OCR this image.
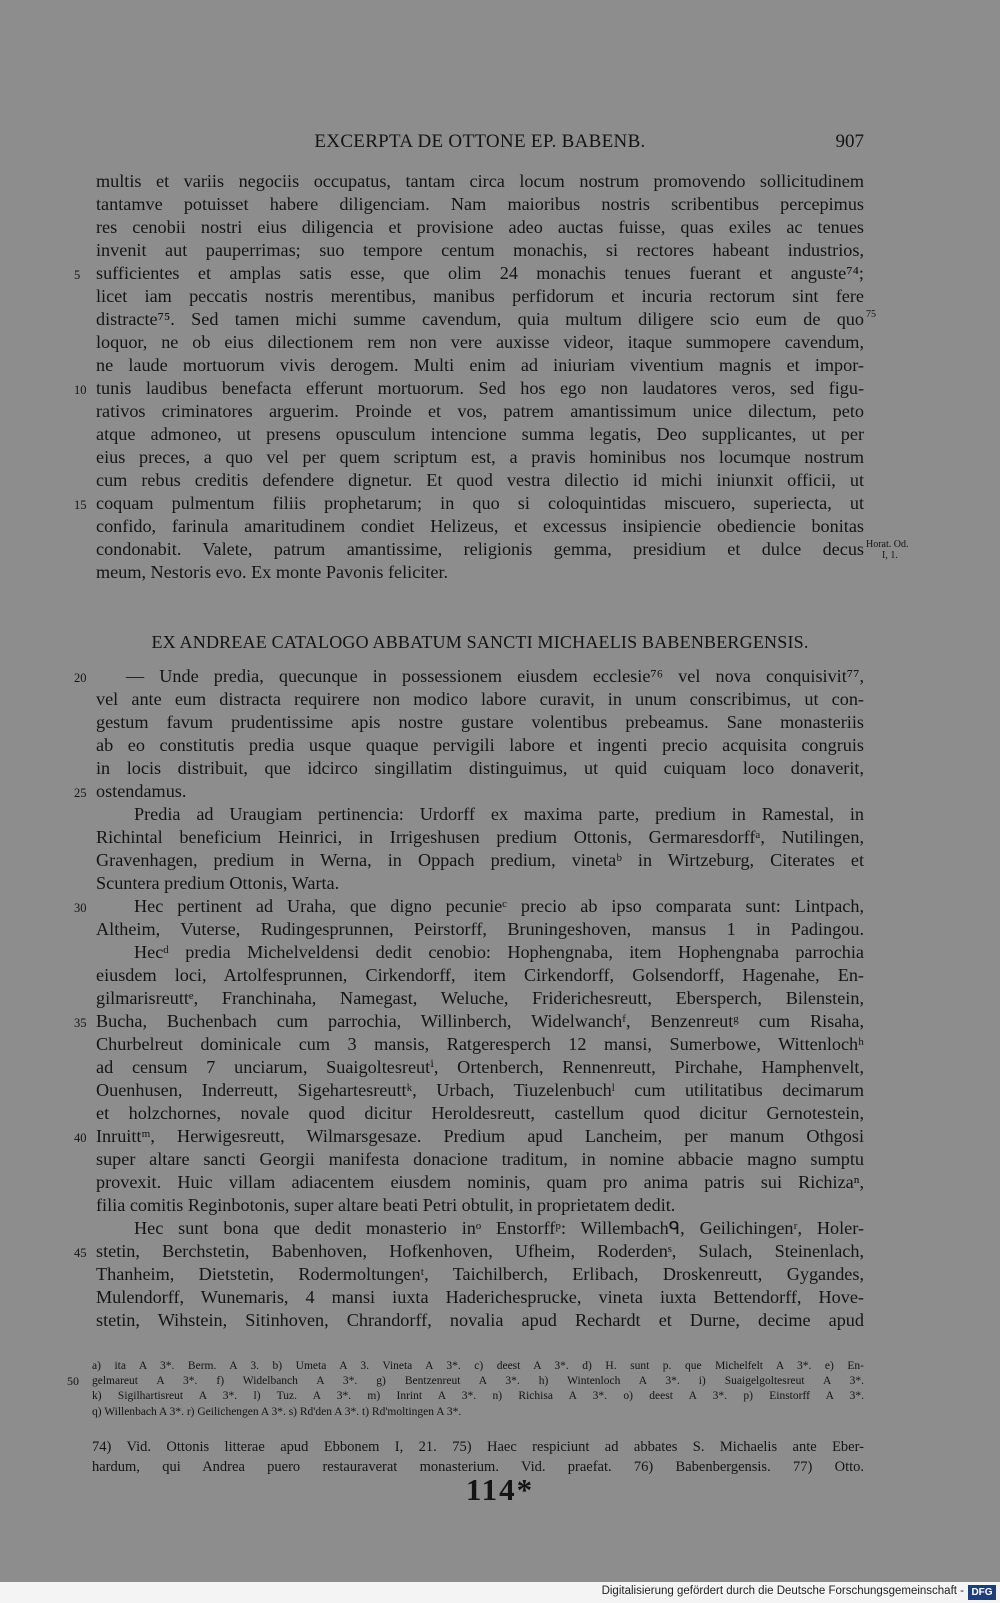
EXCERPTA DE OTTONE EP. BABENB.	907
multis et variis negociis occupatus, tantam circa locum nostrum promovendo sollicitudinem
tantamve potuisset habere diligenciam. Nam maioribus nostris scribentibus percepimus
res cenobii nostri eius diligencia et provisione adeo auctas fuisse, quas exiles ac tenues
invenit aut pauperrimas; suo tempore centum monachis, si rectores habeant industrios,
5 sufficientes et amplas satis esse, que olim 24 monachis tenues fuerant et anguste⁷⁴;
licet iam peccatis nostris merentibus, manibus perfidorum et incuria rectorum sint fere
distracte⁷⁵. Sed tamen michi summe cavendum, quia multum diligere scio eum de quo 75
loquor, ne ob eius dilectionem rem non vere auxisse videor, itaque summopere cavendum,
ne laude mortuorum vivis derogem. Multi enim ad iniuriam viventium magnis et impor-
10 tunis laudibus benefacta efferunt mortuorum. Sed hos ego non laudatores veros, sed figu-
rativos criminatores arguerim. Proinde et vos, patrem amantissimum unice dilectum, peto
atque admoneo, ut presens opusculum intencione summa legatis, Deo supplicantes, ut per
eius preces, a quo vel per quem scriptum est, a pravis hominibus nos locumque nostrum
cum rebus creditis defendere dignetur. Et quod vestra dilectio id michi iniunxit officii, ut
15 coquam pulmentum filiis prophetarum; in quo si coloquintidas miscuero, superiecta, ut
confido, farinula amaritudinem condiet Helizeus, et excessus insipiencie obediencie bonitas
condonabit. Valete, patrum amantissime, religionis gemma, presidium et dulce decus Horat. Od.
I, 1.
meum, Nestoris evo. Ex monte Pavonis feliciter.
EX ANDREAE CATALOGO ABBATUM SANCTI MICHAELIS BABENBERGENSIS.
20	— Unde predia, quecunque in possessionem eiusdem ecclesie⁷⁶ vel nova conquisivit⁷⁷,
vel ante eum distracta requirere non modico labore curavit, in unum conscribimus, ut con-
gestum favum prudentissime apis nostre gustare volentibus prebeamus. Sane monasteriis
ab eo constitutis predia usque quaque pervigili labore et ingenti precio acquisita congruis
in locis distribuit, que idcirco singillatim distinguimus, ut quid cuiquam loco donaverit,
25 ostendamus.
Predia ad Uraugiam pertinencia: Urdorff ex maxima parte, predium in Ramestal, in
Richintal beneficium Heinrici, in Irrigeshusen predium Ottonis, Germaresdorffᵃ, Nutilingen,
Gravenhagen, predium in Werna, in Oppach predium, vinetaᵇ in Wirtzeburg, Citerates et
Scuntera predium Ottonis, Warta.
30	Hec pertinent ad Uraha, que digno pecunieᶜ precio ab ipso comparata sunt: Lintpach,
Altheim, Vuterse, Rudingesprunnen, Peirstorff, Bruningeshoven, mansus 1 in Padingou.
Hecᵈ predia Michelveldensi dedit cenobio: Hophengnaba, item Hophengnaba parrochia
eiusdem loci, Artolfesprunnen, Cirkendorff, item Cirkendorff, Golsendorff, Hagenahe, En-
gilmarisreuttᵉ, Franchinaha, Namegast, Weluche, Friderichesreutt, Ebersperch, Bilenstein,
35 Bucha, Buchenbach cum parrochia, Willinberch, Widelwanchᶠ, Benzenreutᵍ cum Risaha,
Churbelreut dominicale cum 3 mansis, Ratgeresperch 12 mansi, Sumerbowe, Wittenlochʰ
ad censum 7 unciarum, Suaigoltesreutⁱ, Ortenberch, Rennenreutt, Pirchahe, Hamphenvelt,
Ouenhusen, Inderreutt, Sigehartesreuttᵏ, Urbach, Tiuzelenbuchˡ cum utilitatibus decimarum
et holzchornes, novale quod dicitur Heroldesreutt, castellum quod dicitur Gernotestein,
40 Inruittᵐ, Herwigesreutt, Wilmarsgesaze. Predium apud Lancheim, per manum Othgosi
super altare sancti Georgii manifesta donacione traditum, in nomine abbacie magno sumptu
provexit. Huic villam adiacentem eiusdem nominis, quam pro anima patris sui Richizaⁿ,
filia comitis Reginbotonis, super altare beati Petri obtulit, in proprietatem dedit.
Hec sunt bona que dedit monasterio inᵒ Enstorffᵖ: Willembachᑫ, Geilichingenʳ, Holer-
45 stetin, Berchstetin, Babenhoven, Hofkenhoven, Ufheim, Roderdenˢ, Sulach, Steinenlach,
Thanheim, Dietstetin, Rodermoltungenᵗ, Taichilberch, Erlibach, Droskenreutt, Gygandes,
Mulendorff, Wunemaris, 4 mansi iuxta Haderichesprucke, vineta iuxta Bettendorff, Hove-
stetin, Wihstein, Sitinhoven, Chrandorff, novalia apud Rechardt et Durne, decime apud
a) ita A 3*. Berm. A 3. b) Umeta A 3. Vineta A 3*. c) deest A 3*. d) H. sunt p. que Michelfelt A 3*. e) En-
50 gelmareut A 3*. f) Widelbanch A 3*. g) Bentzenreut A 3*. h) Wintenloch A 3*. i) Suaigelgoltesreut A 3*.
k) Sigilhartisreut A 3*. l) Tuz. A 3*. m) Inrint A 3*. n) Richisa A 3*. o) deest A 3*. p) Einstorff A 3*.
q) Willenbach A 3*. r) Geilichengen A 3*. s) Rd'den A 3*. t) Rd'moltingen A 3*.
74) Vid. Ottonis litterae apud Ebbonem I, 21. 75) Haec respiciunt ad abbates S. Michaelis ante Eber-
hardum, qui Andrea puero restauraverat monasterium. Vid. praefat. 76) Babenbergensis. 77) Otto.
114*
Digitalisierung gefördert durch die Deutsche Forschungsgemeinschaft - DFG
